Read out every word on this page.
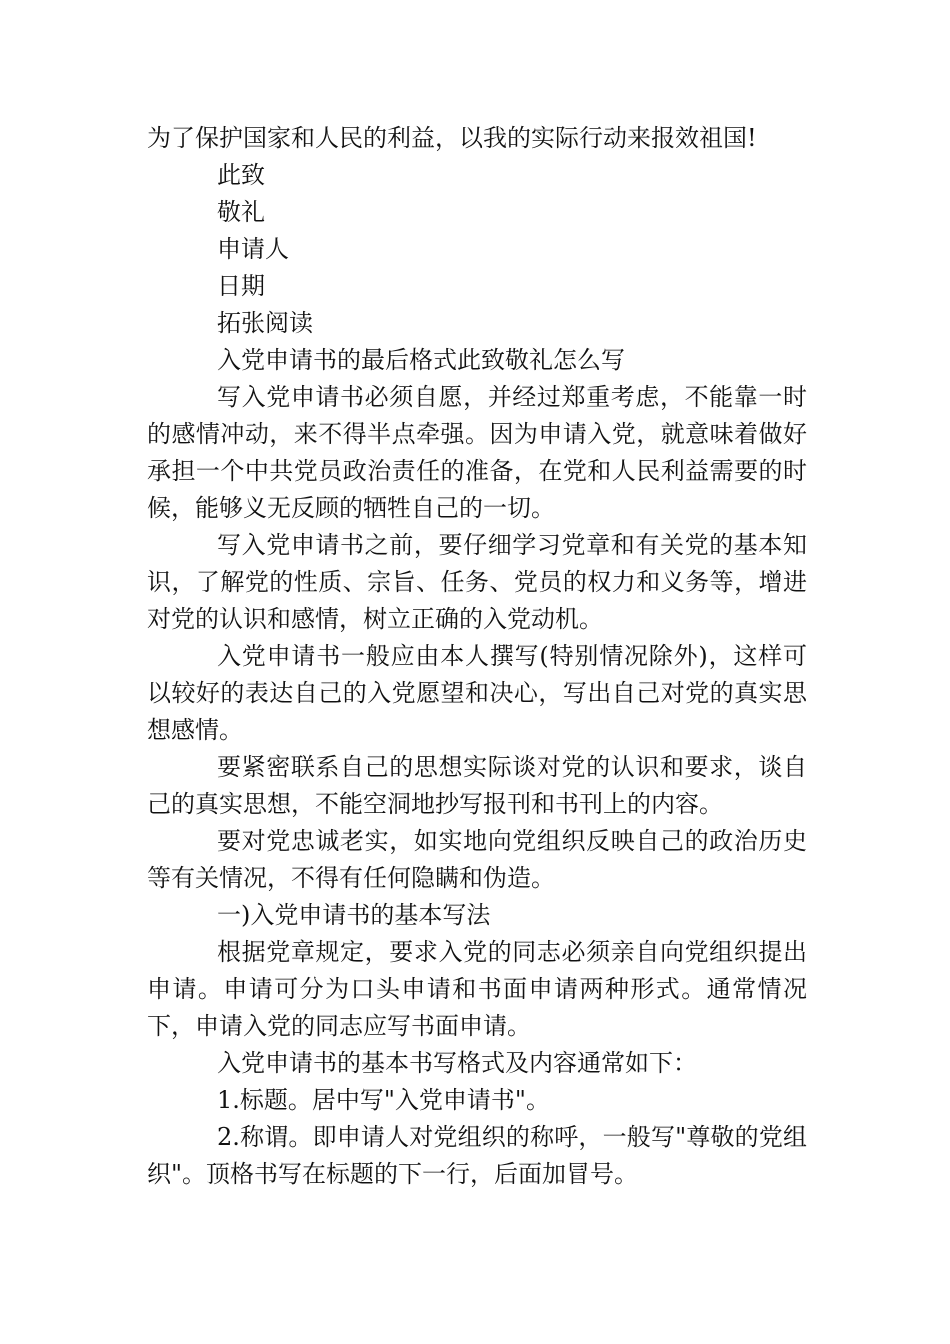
为了保护国家和人民的利益，以我的实际行动来报效祖国!

此致

敬礼

申请人

日期

拓张阅读

入党申请书的最后格式此致敬礼怎么写

写入党申请书必须自愿，并经过郑重考虑，不能靠一时的感情冲动，来不得半点牵强。因为申请入党，就意味着做好承担一个中共党员政治责任的准备，在党和人民利益需要的时候，能够义无反顾的牺牲自己的一切。

写入党申请书之前，要仔细学习党章和有关党的基本知识，了解党的性质、宗旨、任务、党员的权力和义务等，增进对党的认识和感情，树立正确的入党动机。

入党申请书一般应由本人撰写(特别情况除外)，这样可以较好的表达自己的入党愿望和决心，写出自己对党的真实思想感情。

要紧密联系自己的思想实际谈对党的认识和要求，谈自己的真实思想，不能空洞地抄写报刊和书刊上的内容。

要对党忠诚老实，如实地向党组织反映自己的政治历史等有关情况，不得有任何隐瞒和伪造。

一)入党申请书的基本写法

根据党章规定，要求入党的同志必须亲自向党组织提出申请。申请可分为口头申请和书面申请两种形式。通常情况下，申请入党的同志应写书面申请。

入党申请书的基本书写格式及内容通常如下：

1.标题。居中写"入党申请书"。

2.称谓。即申请人对党组织的称呼，一般写"尊敬的党组织"。顶格书写在标题的下一行，后面加冒号。
